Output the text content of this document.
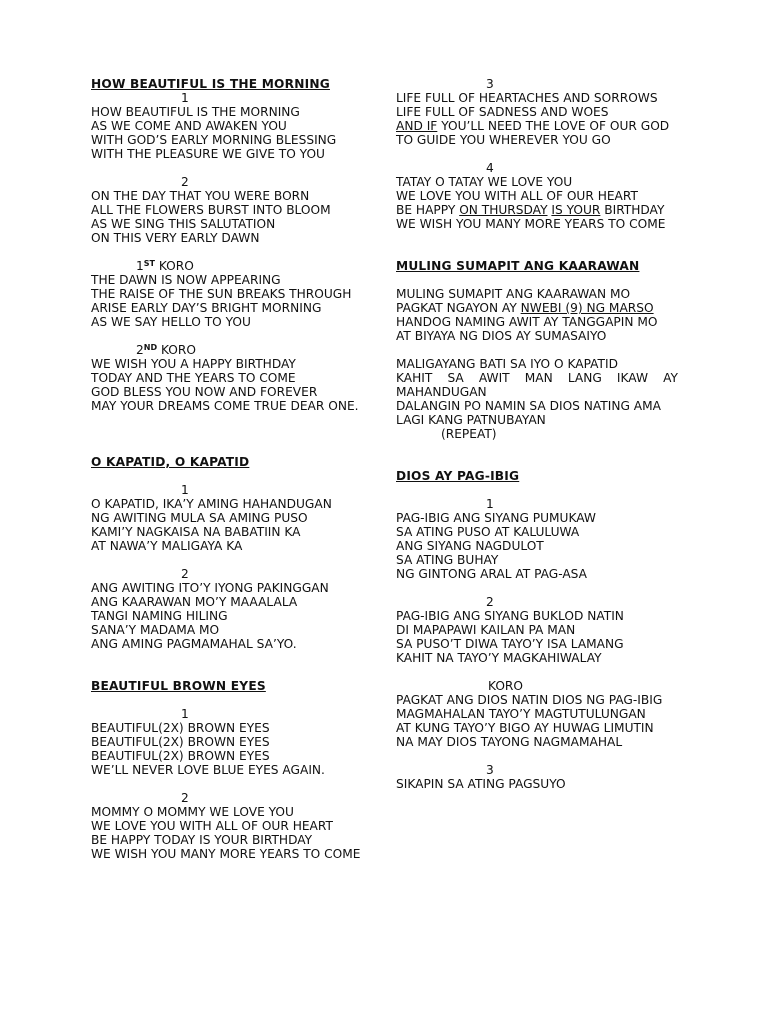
HOW BEAUTIFUL IS THE MORNING
1
HOW BEAUTIFUL IS THE MORNING
AS WE COME AND AWAKEN YOU
WITH GOD’S EARLY MORNING BLESSING
WITH THE PLEASURE WE GIVE TO YOU
2
ON THE DAY THAT YOU WERE BORN
ALL THE FLOWERS BURST INTO BLOOM
AS WE SING THIS SALUTATION
ON THIS VERY EARLY DAWN
1ST KORO
THE DAWN IS NOW APPEARING
THE RAISE OF THE SUN BREAKS THROUGH
ARISE EARLY DAY’S BRIGHT MORNING
AS WE SAY HELLO TO YOU
2ND KORO
WE WISH YOU A HAPPY BIRTHDAY
TODAY AND THE YEARS TO COME
GOD BLESS YOU NOW AND FOREVER
MAY YOUR DREAMS COME TRUE DEAR ONE.
O KAPATID, O KAPATID
1
O KAPATID, IKA’Y AMING HAHANDUGAN
NG AWITING MULA SA AMING PUSO
KAMI’Y NAGKAISA NA BABATIIN KA
AT NAWA’Y MALIGAYA KA
2
ANG AWITING ITO’Y IYONG PAKINGGAN
ANG KAARAWAN MO’Y MAAALALA
TANGI NAMING HILING
SANA’Y MADAMA MO
ANG AMING PAGMAMAHAL SA’YO.
BEAUTIFUL BROWN EYES
1
BEAUTIFUL(2X) BROWN EYES
BEAUTIFUL(2X) BROWN EYES
BEAUTIFUL(2X) BROWN EYES
WE’LL NEVER LOVE BLUE EYES AGAIN.
2
MOMMY O MOMMY WE LOVE YOU
WE LOVE YOU WITH ALL OF OUR HEART
BE HAPPY TODAY IS YOUR BIRTHDAY
WE WISH YOU MANY MORE YEARS TO COME
3
LIFE FULL OF HEARTACHES AND SORROWS
LIFE FULL OF SADNESS AND WOES
AND IF YOU’LL NEED THE LOVE OF OUR GOD
TO GUIDE YOU WHEREVER YOU GO
4
TATAY O TATAY WE LOVE YOU
WE LOVE YOU WITH ALL OF OUR HEART
BE HAPPY ON THURSDAY IS YOUR BIRTHDAY
WE WISH YOU MANY MORE YEARS TO COME
MULING SUMAPIT ANG KAARAWAN
MULING SUMAPIT ANG KAARAWAN MO
PAGKAT NGAYON AY NWEBI (9) NG MARSO
HANDOG NAMING AWIT AY TANGGAPIN MO
AT BIYAYA NG DIOS AY SUMASAIYO
MALIGAYANG BATI SA IYO O KAPATID
KAHIT SA AWIT MAN LANG IKAW AY MAHANDUGAN
DALANGIN PO NAMIN SA DIOS NATING AMA
LAGI KANG PATNUBAYAN
(REPEAT)
DIOS AY PAG-IBIG
1
PAG-IBIG ANG SIYANG PUMUKAW
SA ATING PUSO AT KALULUWA
ANG SIYANG NAGDULOT
SA ATING BUHAY
NG GINTONG ARAL AT PAG-ASA
2
PAG-IBIG ANG SIYANG BUKLOD NATIN
DI MAPAPAWI KAILAN PA MAN
SA PUSO’T DIWA TAYO’Y ISA LAMANG
KAHIT NA TAYO’Y MAGKAHIWALAY
KORO
PAGKAT ANG DIOS NATIN DIOS NG PAG-IBIG
MAGMAHALAN TAYO’Y MAGTUTULUNGAN
AT KUNG TAYO’Y BIGO AY HUWAG LIMUTIN
NA MAY DIOS TAYONG NAGMAMAHAL
3
SIKAPIN SA ATING PAGSUYO
